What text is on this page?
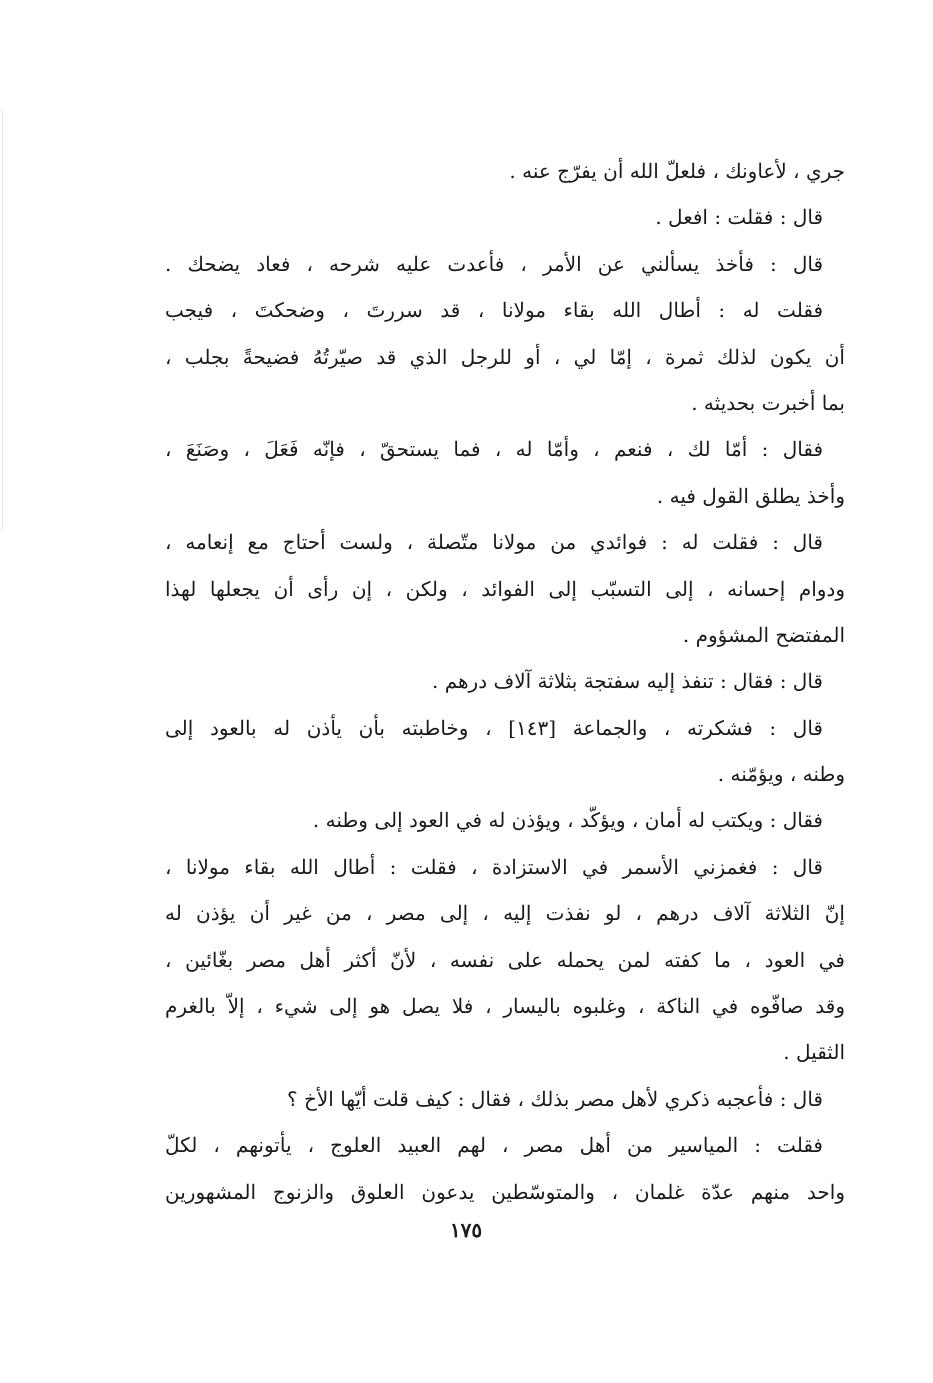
جري ، لأعاونك ، فلعلّ الله أن يفرّج عنه .
قال : فقلت : افعل .
قال : فأخذ يسألني عن الأمر ، فأعدت عليه شرحه ، فعاد يضحك .
فقلت له : أطال الله بقاء مولانا ، قد سررتَ ، وضحكتَ ، فيجب
أن يكون لذلك ثمرة ، إمّا لي ، أو للرجل الذي قد صيّرتُهُ فضيحةً بجلب ،
بما أخبرت بحديثه .
فقال : أمّا لك ، فنعم ، وأمّا له ، فما يستحقّ ، فإنّه فَعَلَ ، وصَنَعَ ،
وأخذ يطلق القول فيه .
قال : فقلت له : فوائدي من مولانا متّصلة ، ولست أحتاج مع إنعامه ،
ودوام إحسانه ، إلى التسبّب إلى الفوائد ، ولكن ، إن رأى أن يجعلها لهذا
المفتضح المشؤوم .
قال : فقال : تنفذ إليه سفتجة بثلاثة آلاف درهم .
قال : فشكرته ، والجماعة [١٤٣] ، وخاطبته بأن يأذن له بالعود إلى
وطنه ، ويؤمّنه .
فقال : ويكتب له أمان ، ويؤكّد ، ويؤذن له في العود إلى وطنه .
قال : فغمزني الأسمر في الاستزادة ، فقلت : أطال الله بقاء مولانا ،
إنّ الثلاثة آلاف درهم ، لو نفذت إليه ، إلى مصر ، من غير أن يؤذن له
في العود ، ما كفته لمن يحمله على نفسه ، لأنّ أكثر أهل مصر بغّائين ،
وقد صافّوه في الناكة ، وغلبوه باليسار ، فلا يصل هو إلى شيء ، إلاّ بالغرم
الثقيل .
قال : فأعجبه ذكري لأهل مصر بذلك ، فقال : كيف قلت أيّها الأخ ؟
فقلت : المياسير من أهل مصر ، لهم العبيد العلوج ، يأتونهم ، لكلّ
واحد منهم عدّة غلمان ، والمتوسّطين يدعون العلوق والزنوج المشهورين
١٧٥
